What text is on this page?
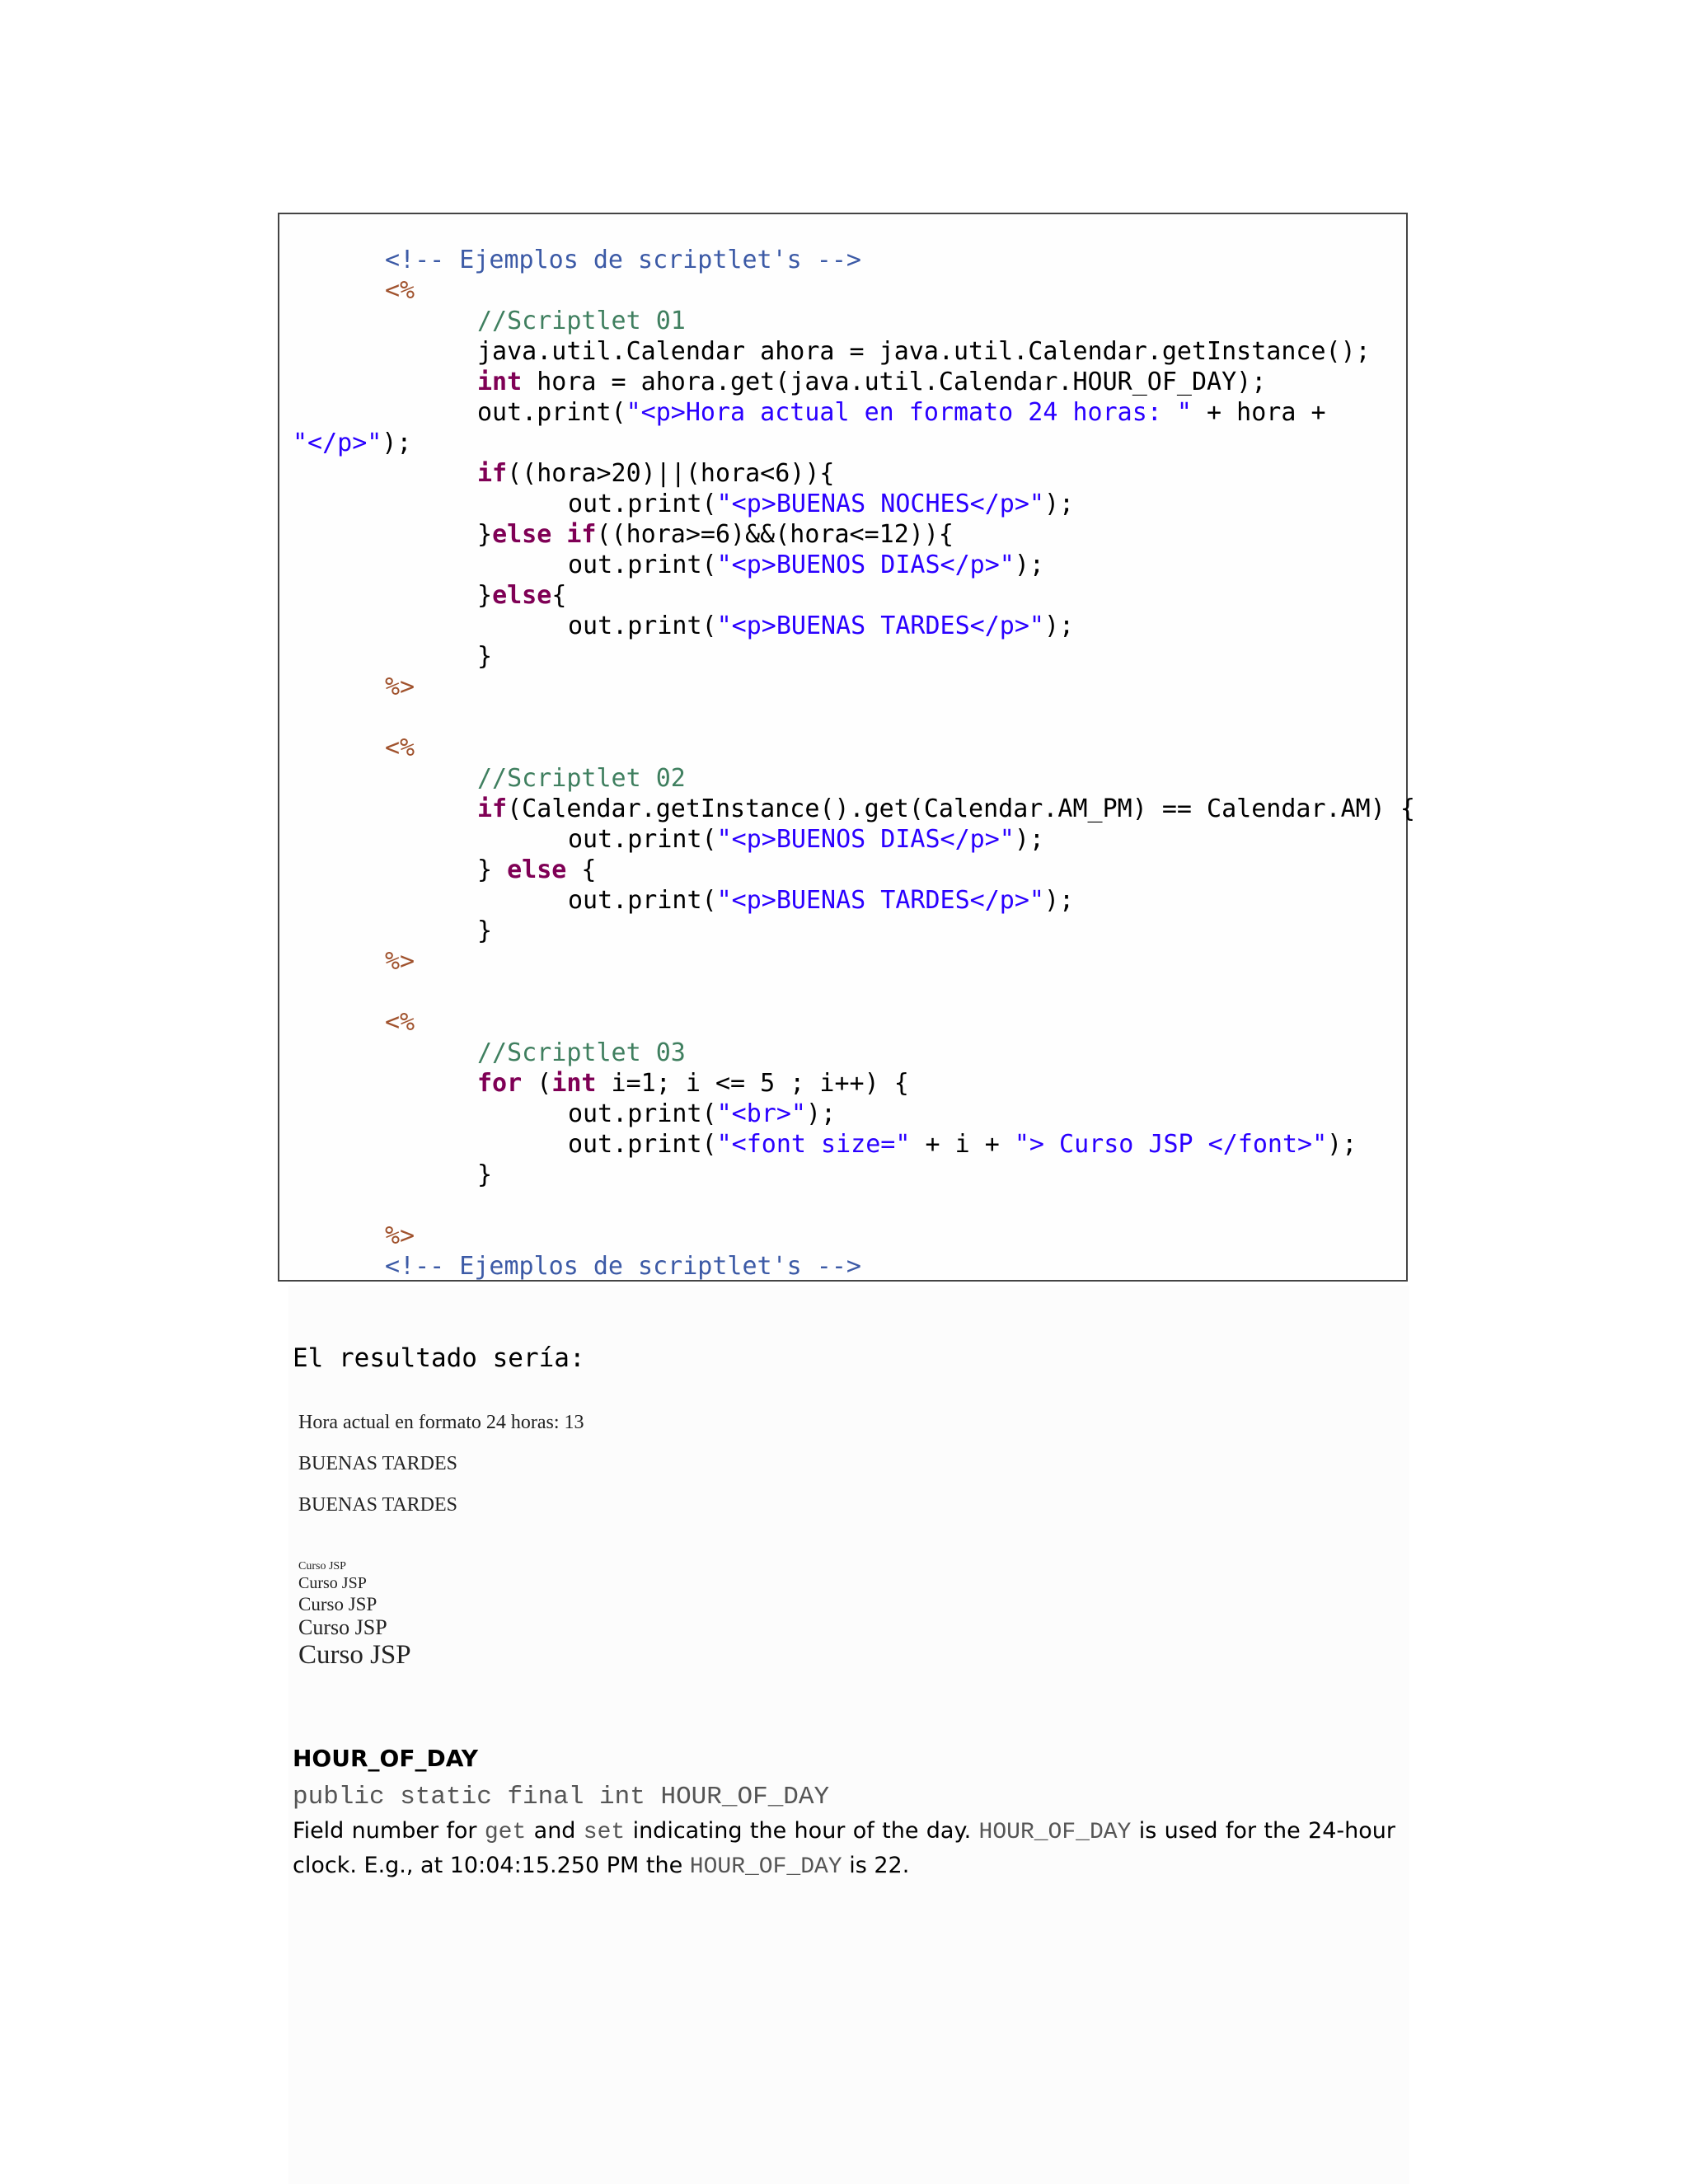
<!-- Ejemplos de scriptlet's -->
<%
//Scriptlet 01
java.util.Calendar ahora = java.util.Calendar.getInstance();
int hora = ahora.get(java.util.Calendar.HOUR_OF_DAY);
out.print("<p>Hora actual en formato 24 horas: " + hora +
"</p>");
if((hora>20)||(hora<6)){
out.print("<p>BUENAS NOCHES</p>");
}else if((hora>=6)&&(hora<=12)){
out.print("<p>BUENOS DIAS</p>");
}else{
out.print("<p>BUENAS TARDES</p>");
}
%>
<%
//Scriptlet 02
if(Calendar.getInstance().get(Calendar.AM_PM) == Calendar.AM) {
out.print("<p>BUENOS DIAS</p>");
} else {
out.print("<p>BUENAS TARDES</p>");
}
%>
<%
//Scriptlet 03
for (int i=1; i <= 5 ; i++) {
out.print("<br>");
out.print("<font size=" + i + "> Curso JSP </font>");
}
%>
<!-- Ejemplos de scriptlet's -->
El resultado sería:
Hora actual en formato 24 horas: 13
BUENAS TARDES
BUENAS TARDES
Curso JSP
Curso JSP
Curso JSP
Curso JSP
Curso JSP
HOUR_OF_DAY
public static final int HOUR_OF_DAY
Field number for get and set indicating the hour of the day. HOUR_OF_DAY is used for the 24-hour clock. E.g., at 10:04:15.250 PM the HOUR_OF_DAY is 22.
